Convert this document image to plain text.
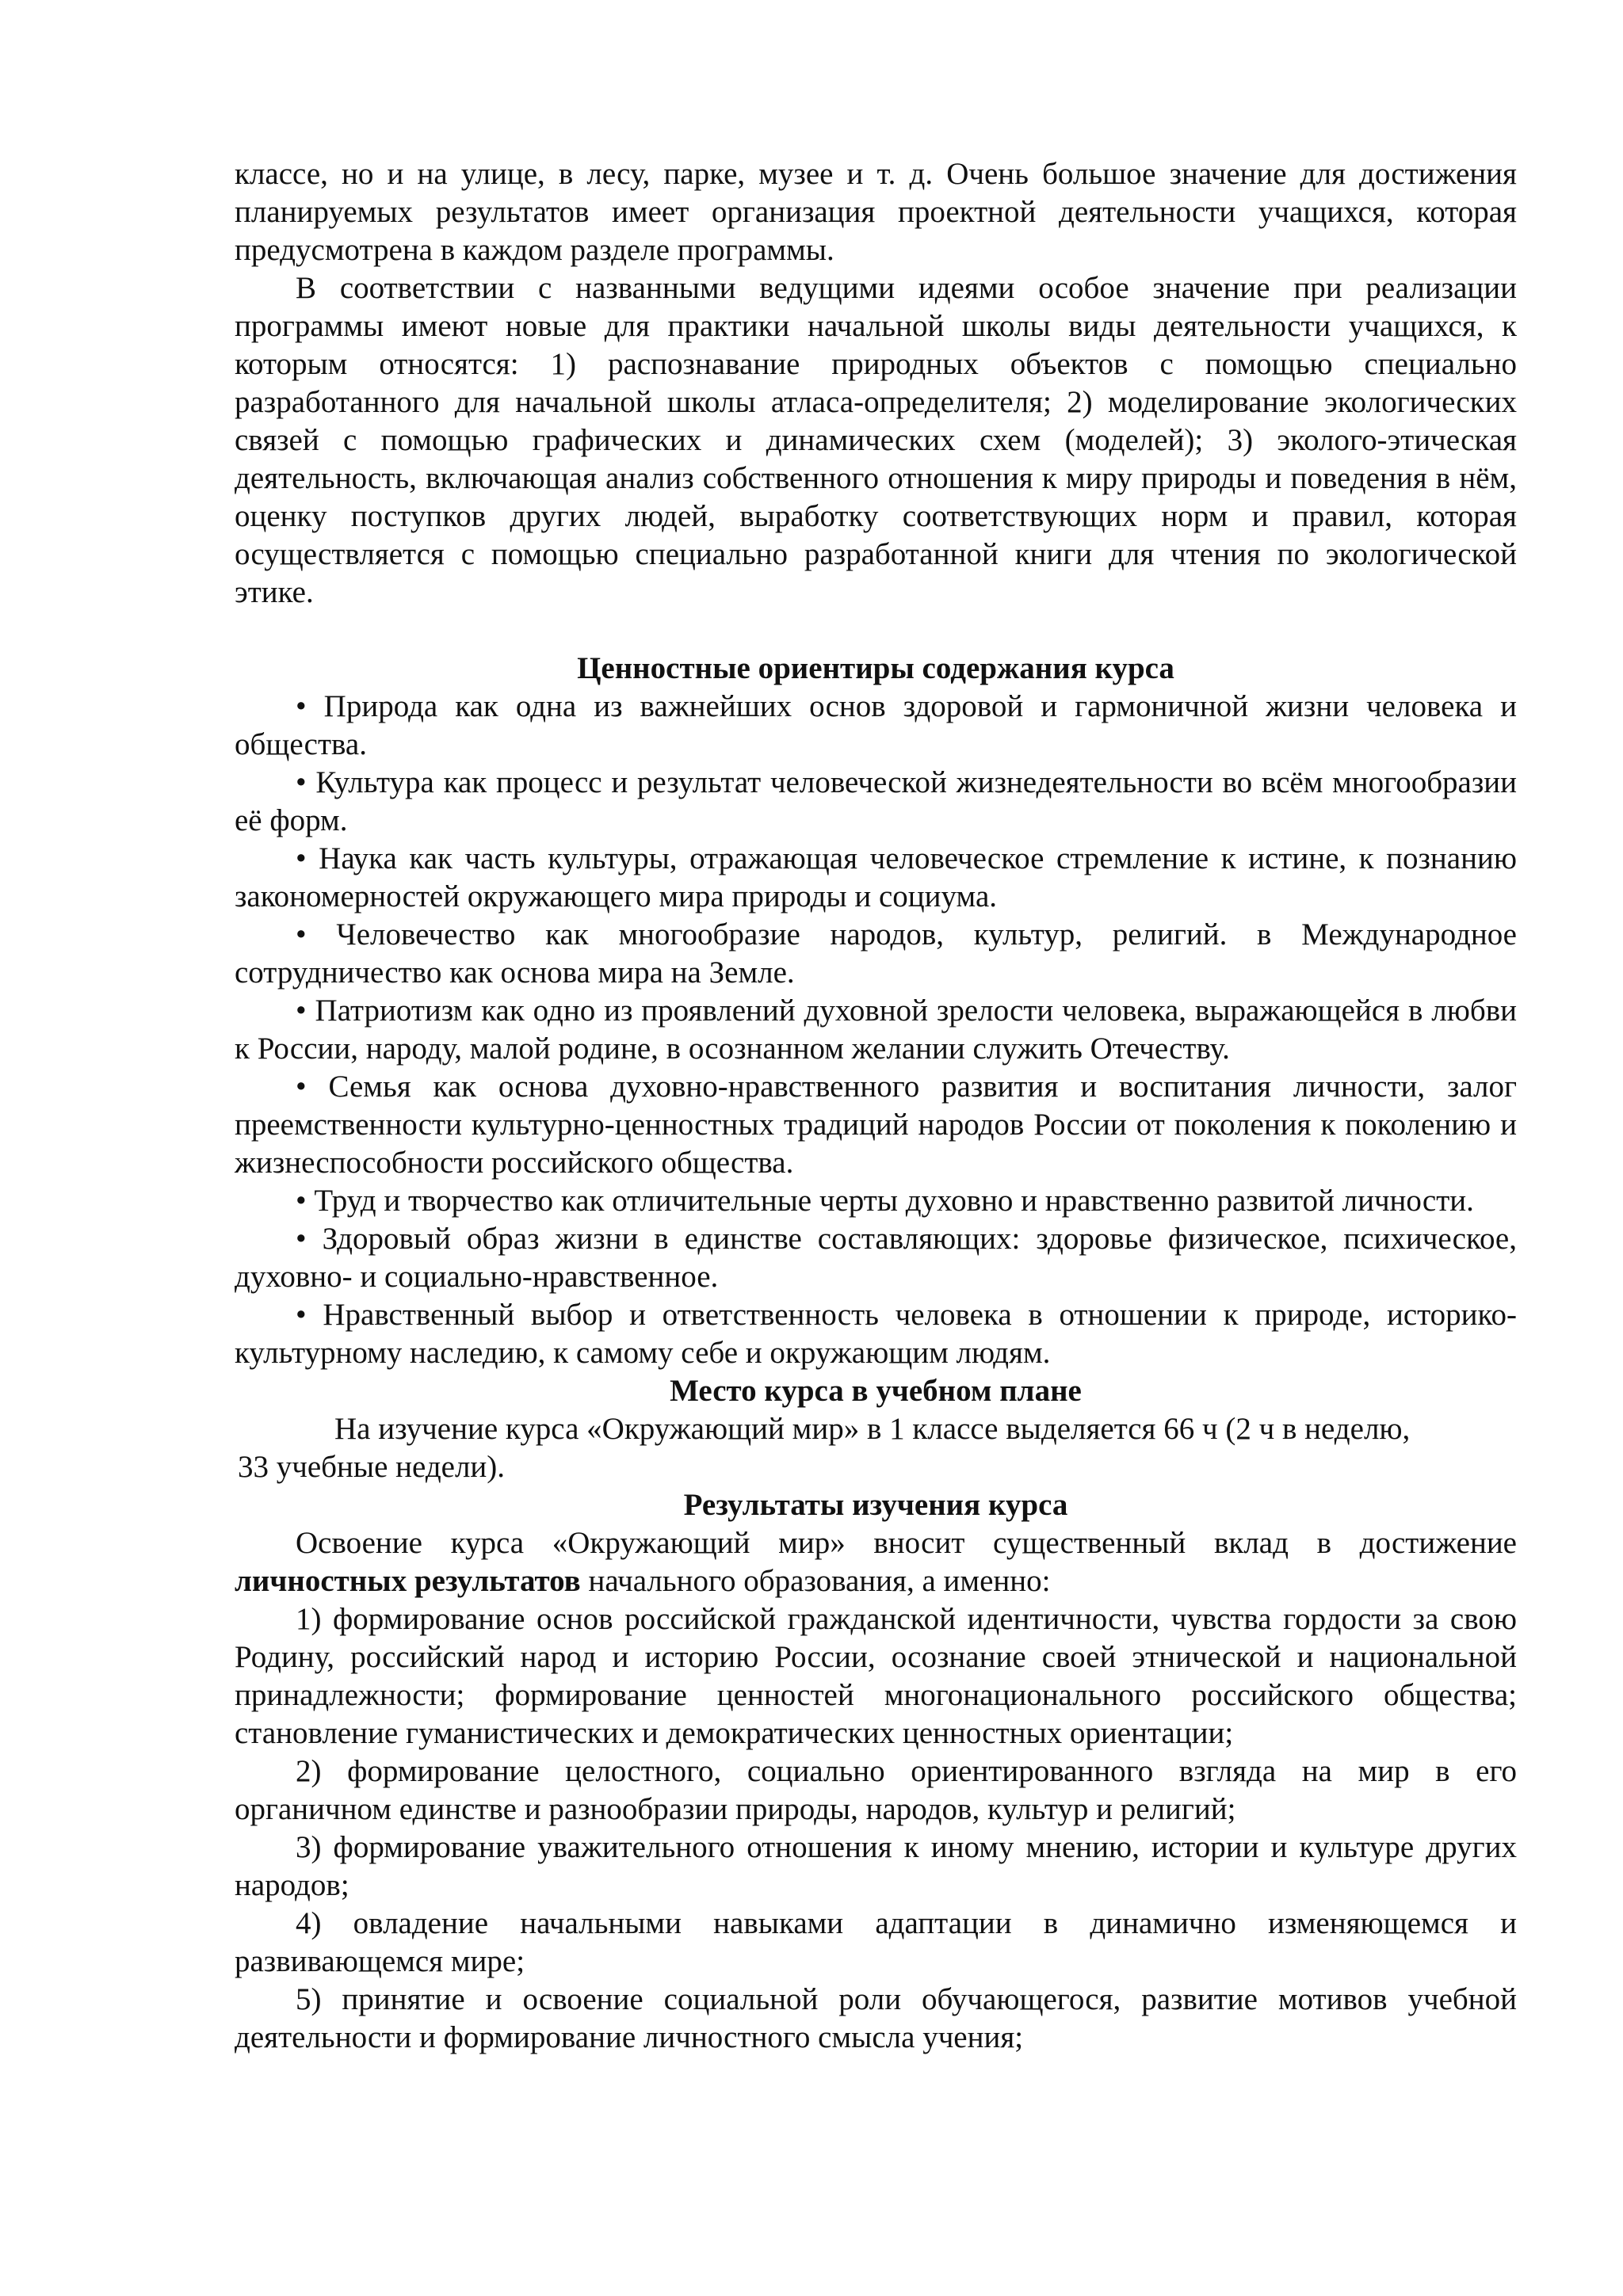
классе, но и на улице, в лесу, парке, музее и т. д. Очень большое значение для достижения планируемых результатов имеет организация проектной деятельности учащихся, которая предусмотрена в каждом разделе программы.

В соответствии с названными ведущими идеями особое значение при реализации программы имеют новые для практики начальной школы виды деятельности учащихся, к которым относятся: 1) распознавание природных объектов с помощью специально разработанного для начальной школы атласа-определителя; 2) моделирование экологических связей с помощью графических и динамических схем (моделей); 3) эколого-этическая деятельность, включающая анализ собственного отношения к миру природы и поведения в нём, оценку поступков других людей, выработку соответствующих норм и правил, которая осуществляется с помощью специально разработанной книги для чтения по экологической этике.

Ценностные ориентиры содержания курса

• Природа как одна из важнейших основ здоровой и гармоничной жизни человека и общества.

• Культура как процесс и результат человеческой жизнедеятельности во всём многообразии её форм.

• Наука как часть культуры, отражающая человеческое стремление к истине, к познанию закономерностей окружающего мира природы и социума.

• Человечество как многообразие народов, культур, религий. в Международное сотрудничество как основа мира на Земле.

• Патриотизм как одно из проявлений духовной зрелости человека, выражающейся в любви к России, народу, малой родине, в осознанном желании служить Отечеству.

• Семья как основа духовно-нравственного развития и воспитания личности, залог преемственности культурно-ценностных традиций народов России от поколения к поколению и жизнеспособности российского общества.

• Труд и творчество как отличительные черты духовно и нравственно развитой личности.

• Здоровый образ жизни в единстве составляющих: здоровье физическое, психическое, духовно- и социально-нравственное.

• Нравственный выбор и ответственность человека в отношении к природе, историко-культурному наследию, к самому себе и окружающим людям.

Место курса в учебном плане

На изучение курса «Окружающий мир» в 1 классе выделяется 66 ч (2 ч в неделю,

33 учебные недели).

Результаты изучения курса

Освоение курса «Окружающий мир» вносит существенный вклад в достижение личностных результатов начального образования, а именно:

1) формирование основ российской гражданской идентичности, чувства гордости за свою Родину, российский народ и историю России, осознание своей этнической и национальной принадлежности; формирование ценностей многонационального российского общества; становление гуманистических и демократических ценностных ориентации;

2) формирование целостного, социально ориентированного взгляда на мир в его органичном единстве и разнообразии природы, народов, культур и религий;

3) формирование уважительного отношения к иному мнению, истории и культуре других народов;

4) овладение начальными навыками адаптации в динамично изменяющемся и развивающемся мире;

5) принятие и освоение социальной роли обучающегося, развитие мотивов учебной деятельности и формирование личностного смысла учения;
